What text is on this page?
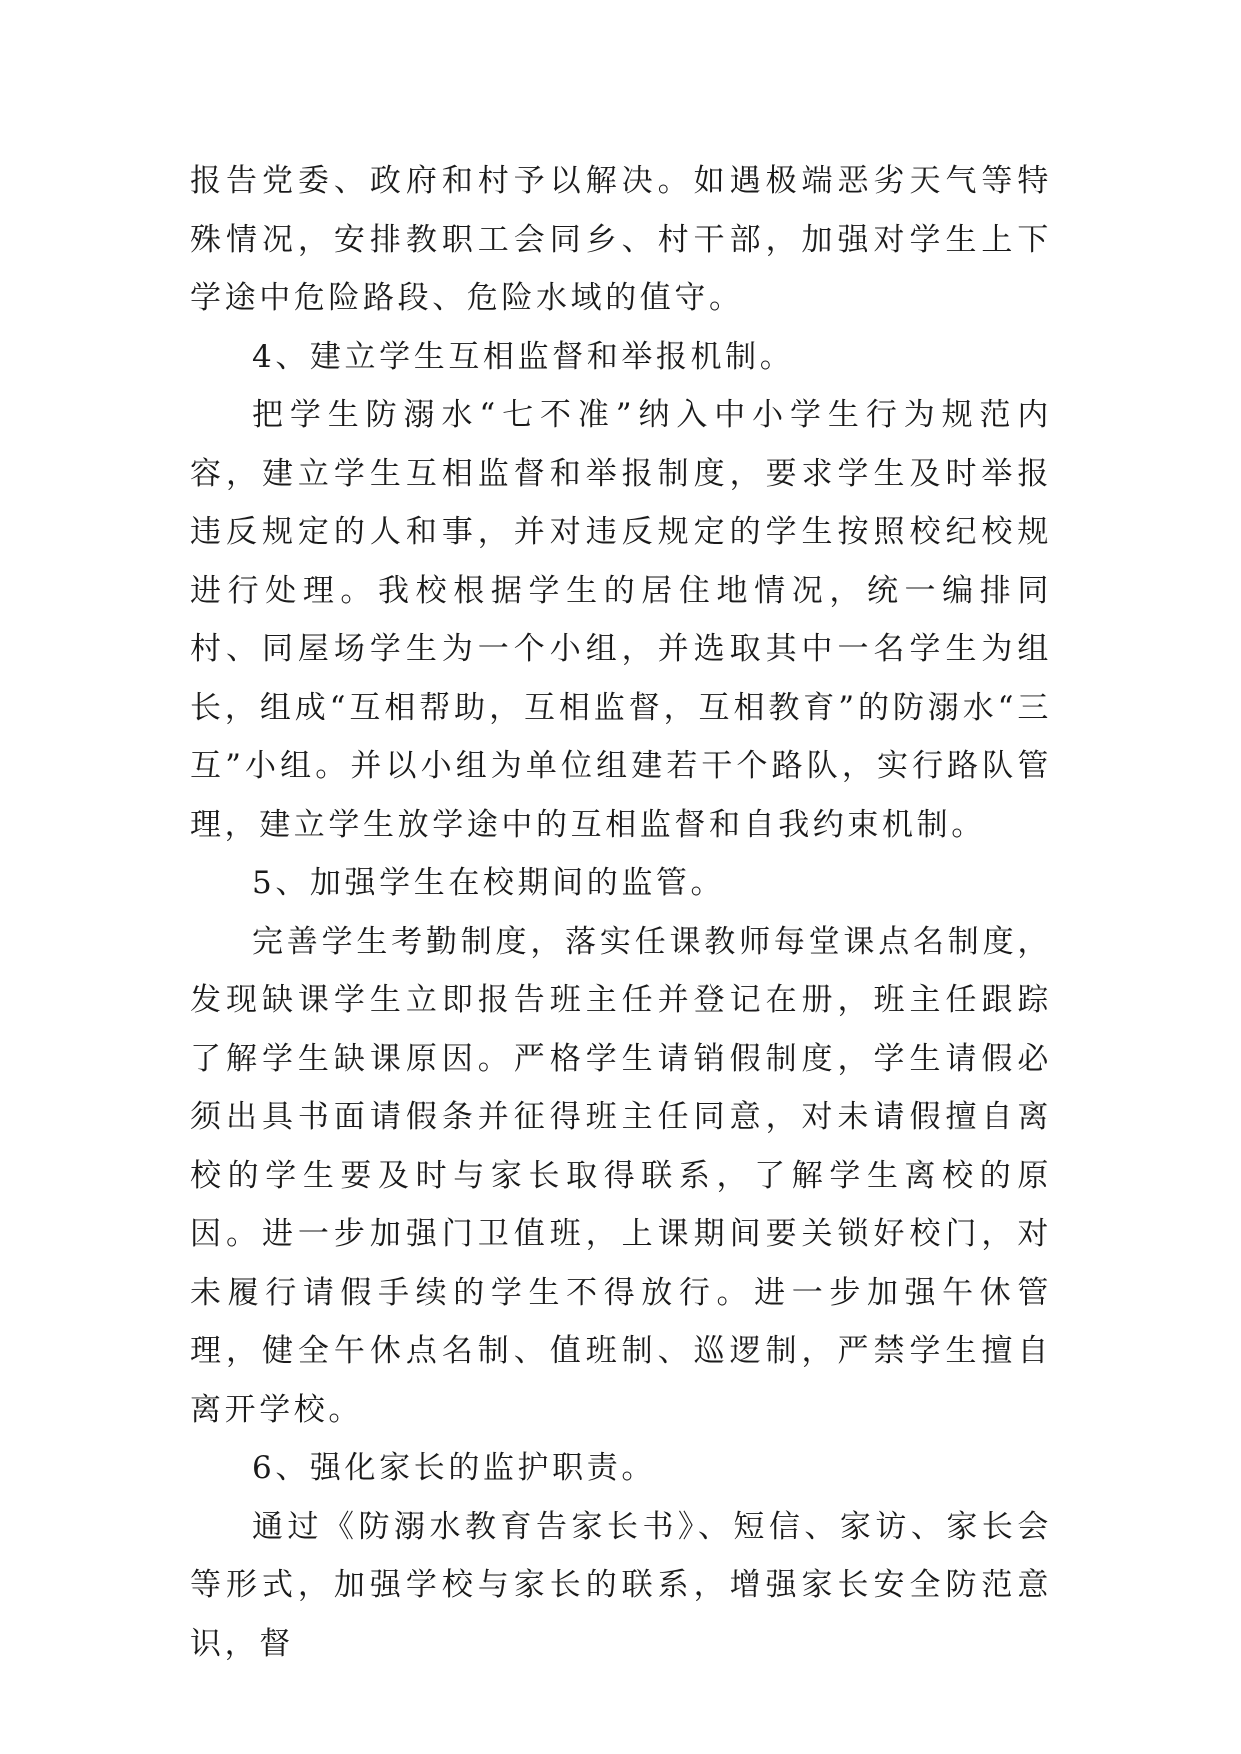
报告党委、政府和村予以解决。如遇极端恶劣天气等特殊情况，安排教职工会同乡、村干部，加强对学生上下学途中危险路段、危险水域的值守。

4、建立学生互相监督和举报机制。

把学生防溺水“七不准”纳入中小学生行为规范内容，建立学生互相监督和举报制度，要求学生及时举报违反规定的人和事，并对违反规定的学生按照校纪校规进行处理。我校根据学生的居住地情况，统一编排同村、同屋场学生为一个小组，并选取其中一名学生为组长，组成“互相帮助，互相监督，互相教育”的防溺水“三互”小组。并以小组为单位组建若干个路队，实行路队管理，建立学生放学途中的互相监督和自我约束机制。

5、加强学生在校期间的监管。

完善学生考勤制度，落实任课教师每堂课点名制度，发现缺课学生立即报告班主任并登记在册，班主任跟踪了解学生缺课原因。严格学生请销假制度，学生请假必须出具书面请假条并征得班主任同意，对未请假擅自离校的学生要及时与家长取得联系，了解学生离校的原因。进一步加强门卫值班，上课期间要关锁好校门，对未履行请假手续的学生不得放行。进一步加强午休管理，健全午休点名制、值班制、巡逻制，严禁学生擅自离开学校。

6、强化家长的监护职责。

通过《防溺水教育告家长书》、短信、家访、家长会等形式，加强学校与家长的联系，增强家长安全防范意识，督
